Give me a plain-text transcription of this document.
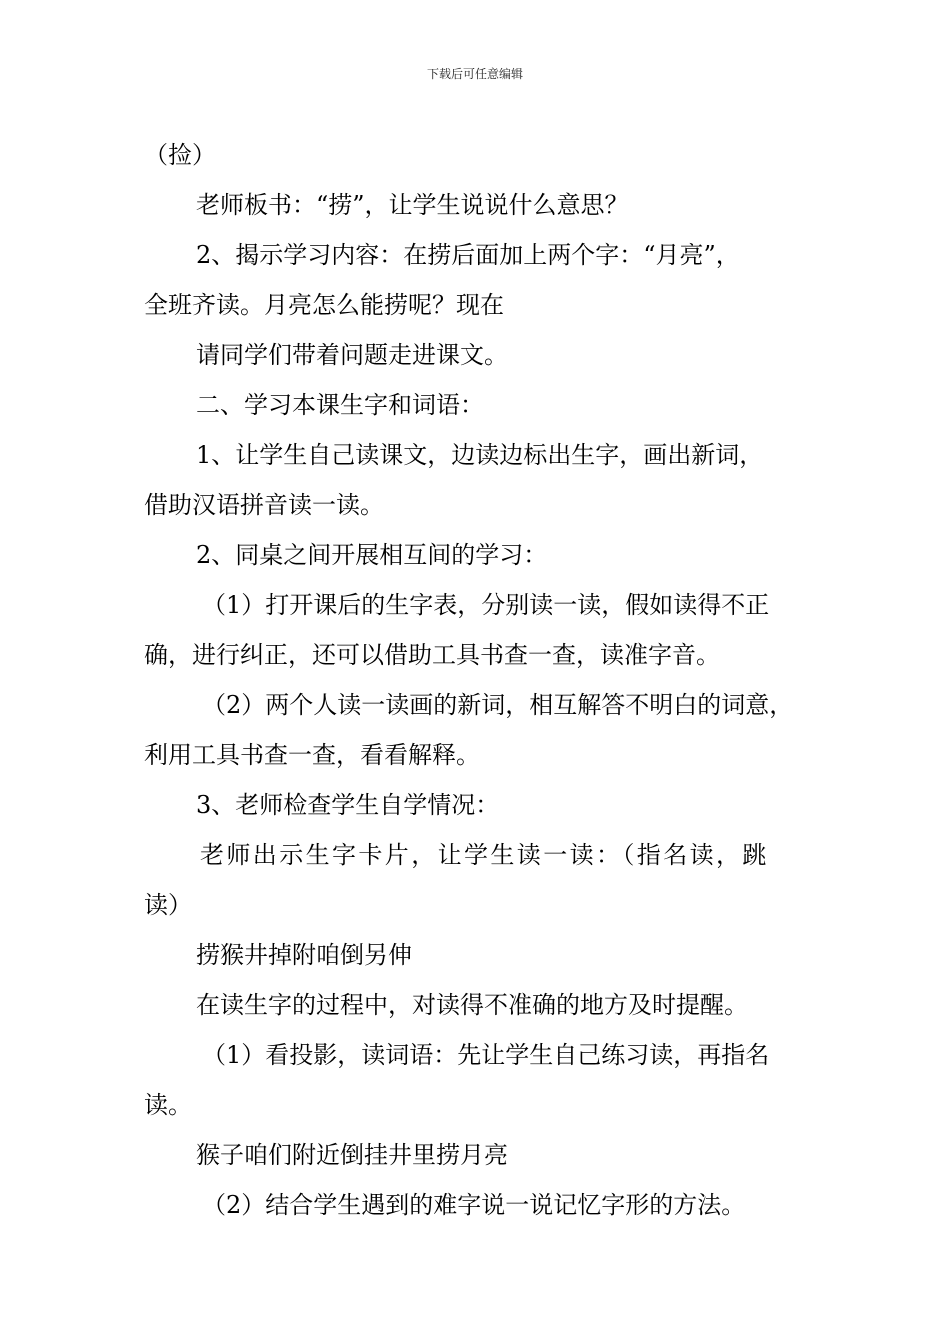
下载后可任意编辑
（捡）
老师板书：“捞”，让学生说说什么意思？
2、揭示学习内容：在捞后面加上两个字：“月亮”，
全班齐读。月亮怎么能捞呢？现在
请同学们带着问题走进课文。
二、学习本课生字和词语：
1、让学生自己读课文，边读边标出生字，画出新词，
借助汉语拼音读一读。
2、同桌之间开展相互间的学习：
（1）打开课后的生字表，分别读一读，假如读得不正
确，进行纠正，还可以借助工具书查一查，读准字音。
（2）两个人读一读画的新词，相互解答不明白的词意，
利用工具书查一查，看看解释。
3、老师检查学生自学情况：
老师出示生字卡片，让学生读一读：（指名读，跳
读）
捞猴井掉附咱倒另伸
在读生字的过程中，对读得不准确的地方及时提醒。
（1）看投影，读词语：先让学生自己练习读，再指名
读。
猴子咱们附近倒挂井里捞月亮
（2）结合学生遇到的难字说一说记忆字形的方法。
